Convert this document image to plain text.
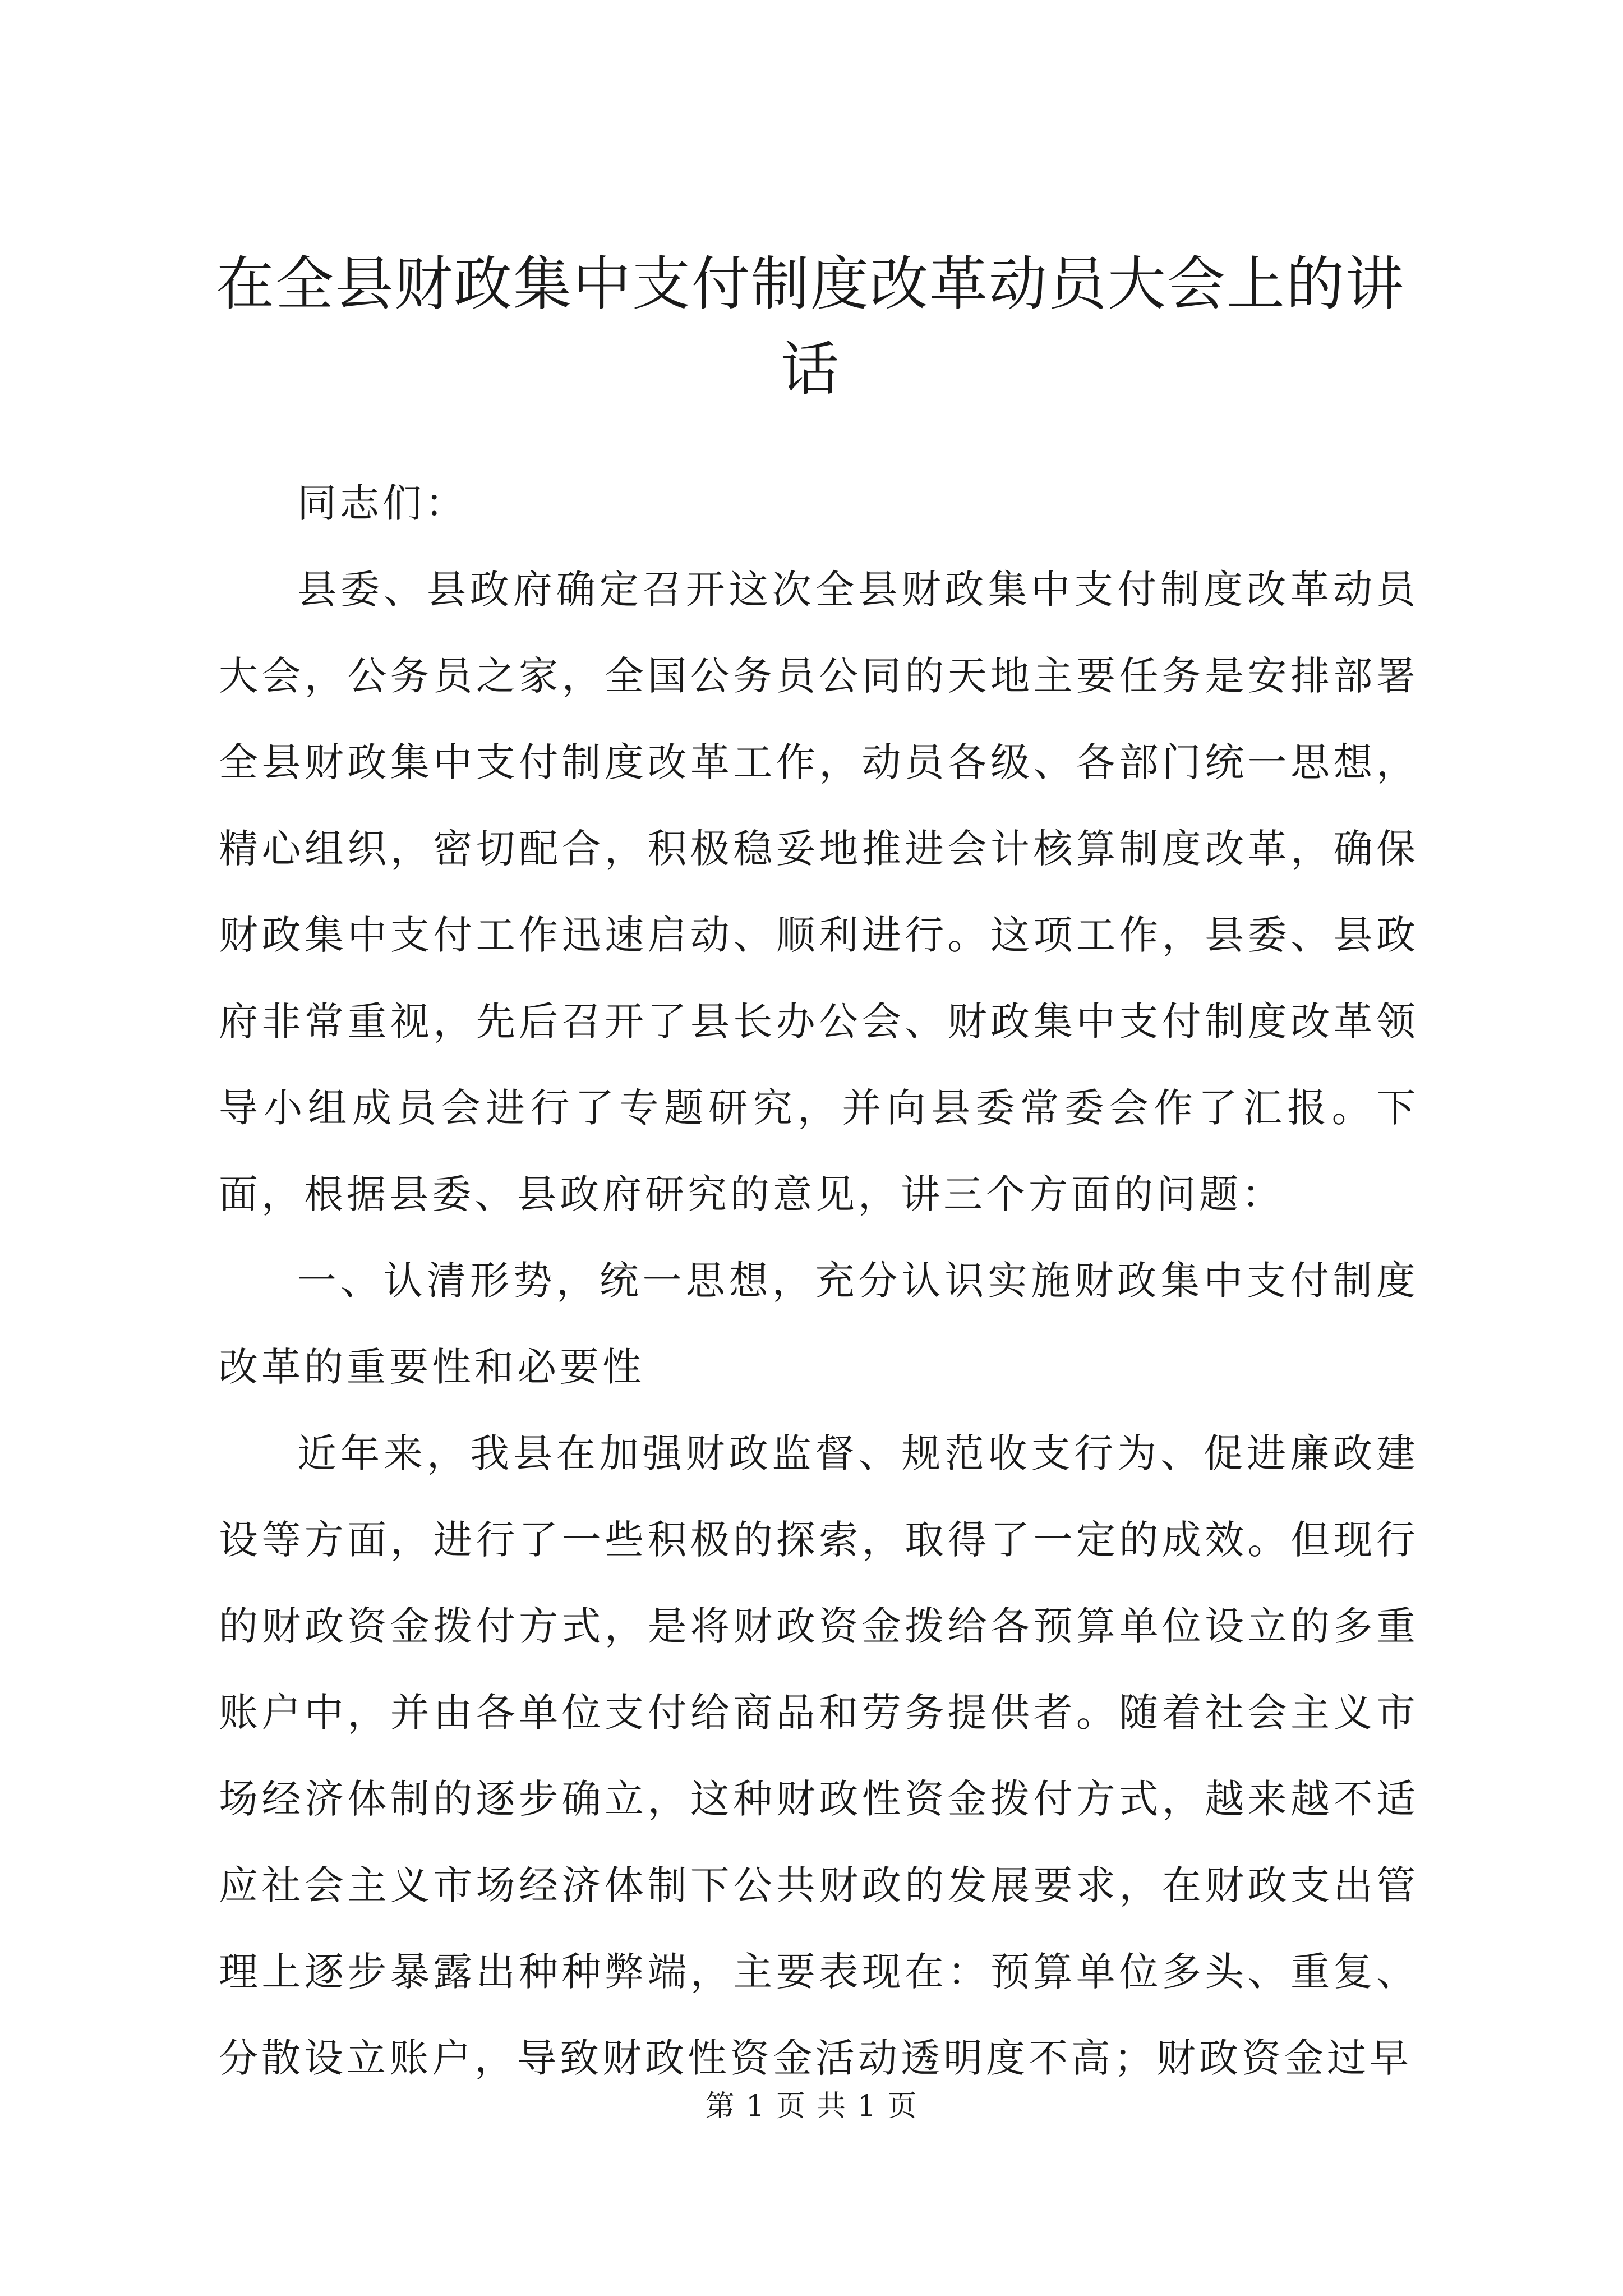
在全县财政集中支付制度改革动员大会上的讲话

同志们：

县委、县政府确定召开这次全县财政集中支付制度改革动员大会，公务员之家，全国公务员公同的天地主要任务是安排部署全县财政集中支付制度改革工作，动员各级、各部门统一思想，精心组织，密切配合，积极稳妥地推进会计核算制度改革，确保财政集中支付工作迅速启动、顺利进行。这项工作，县委、县政府非常重视，先后召开了县长办公会、财政集中支付制度改革领导小组成员会进行了专题研究，并向县委常委会作了汇报。下面，根据县委、县政府研究的意见，讲三个方面的问题：

一、认清形势，统一思想，充分认识实施财政集中支付制度改革的重要性和必要性

近年来，我县在加强财政监督、规范收支行为、促进廉政建设等方面，进行了一些积极的探索，取得了一定的成效。但现行的财政资金拨付方式，是将财政资金拨给各预算单位设立的多重账户中，并由各单位支付给商品和劳务提供者。随着社会主义市场经济体制的逐步确立，这种财政性资金拨付方式，越来越不适应社会主义市场经济体制下公共财政的发展要求，在财政支出管理上逐步暴露出种种弊端，主要表现在：预算单位多头、重复、分散设立账户，导致财政性资金活动透明度不高；财政资金过早

第 1 页 共 1 页
